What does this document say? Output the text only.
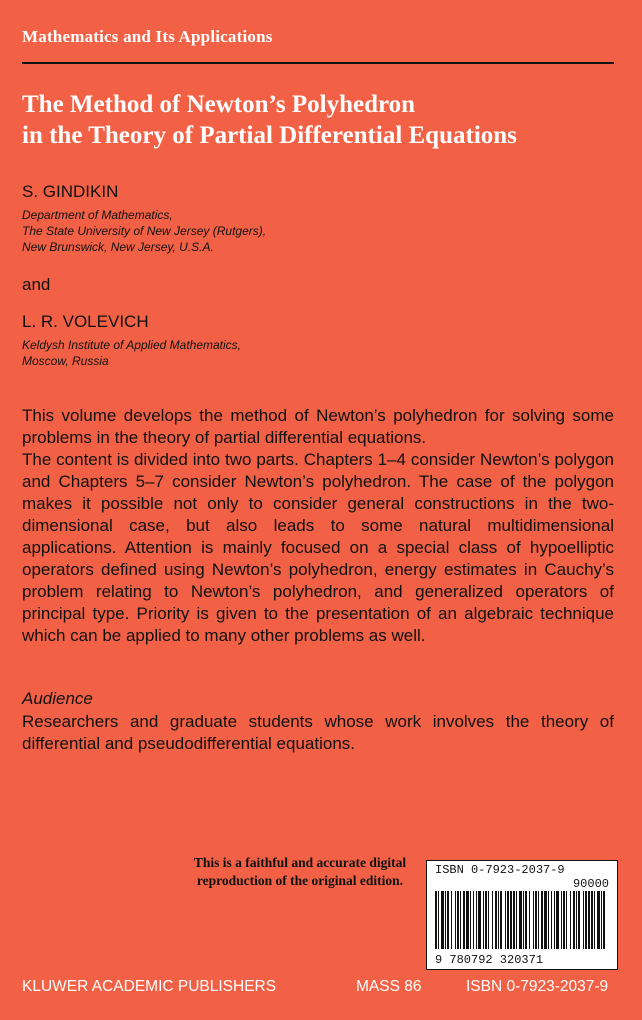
Mathematics and Its Applications
The Method of Newton’s Polyhedron
in the Theory of Partial Differential Equations
S. GINDIKIN
Department of Mathematics,
The State University of New Jersey (Rutgers),
New Brunswick, New Jersey, U.S.A.
and
L. R. VOLEVICH
Keldysh Institute of Applied Mathematics,
Moscow, Russia

This volume develops the method of Newton’s polyhedron for solving some problems in the theory of partial differential equations.

The content is divided into two parts. Chapters 1–4 consider Newton’s polygon and Chapters 5–7 consider Newton’s polyhedron. The case of the polygon makes it possible not only to consider general constructions in the two-dimensional case, but also leads to some natural multidimensional applications. Attention is mainly focused on a special class of hypoelliptic operators defined using Newton’s polyhedron, energy estimates in Cauchy’s problem relating to Newton’s polyhedron, and generalized operators of principal type. Priority is given to the presentation of an algebraic technique which can be applied to many other problems as well.

Audience
Researchers and graduate students whose work involves the theory of differential and pseudodifferential equations.
This is a faithful and accurate digital
reproduction of the original edition.
ISBN 0-7923-2037-9
90000
9 780792 320371
KLUWER ACADEMIC PUBLISHERS	MASS 86	ISBN 0-7923-2037-9
